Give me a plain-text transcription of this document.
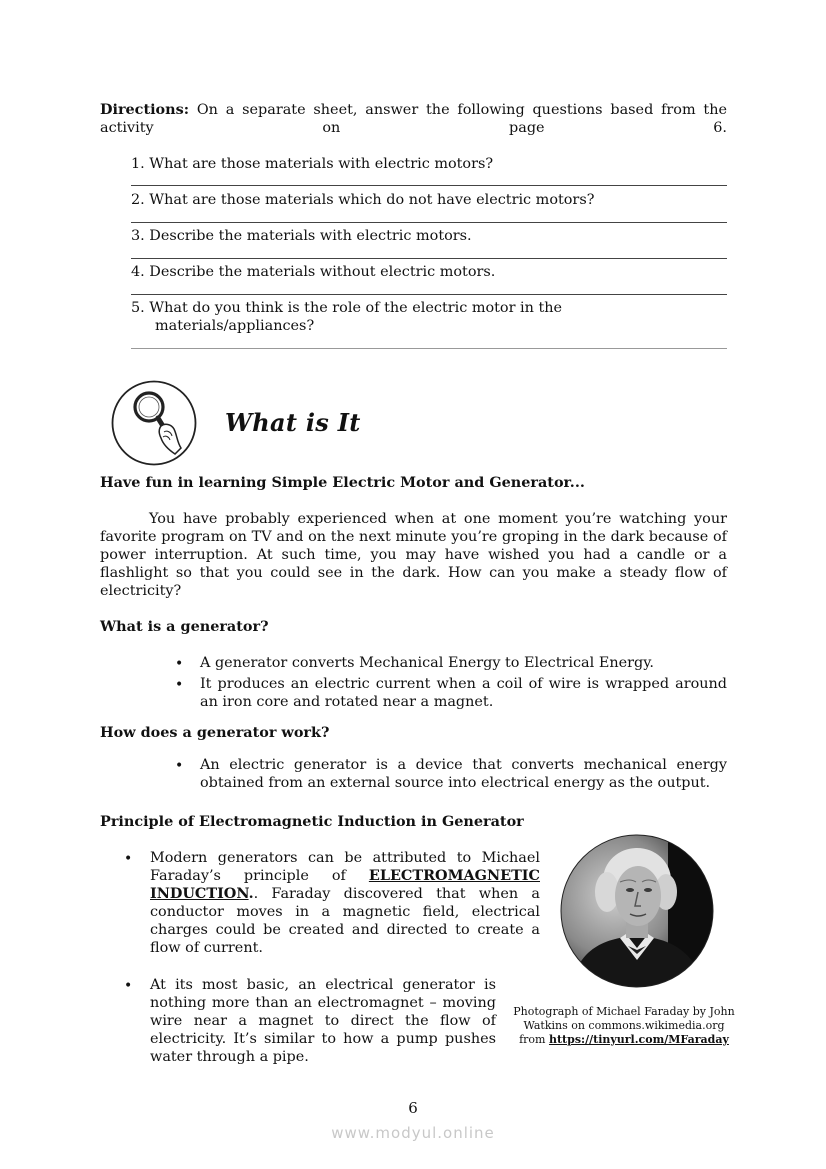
Directions: On a separate sheet, answer the following questions based from the activity on page 6.
1. What are those materials with electric motors?
2. What are those materials which do not have electric motors?
3. Describe the materials with electric motors.
4. Describe the materials without electric motors.
5. What do you think is the role of the electric motor in the
materials/appliances?
What is It
Have fun in learning Simple Electric Motor and Generator...
You have probably experienced when at one moment you’re watching your favorite program on TV and on the next minute you’re groping in the dark because of power interruption. At such time, you may have wished you had a candle or a flashlight so that you could see in the dark. How can you make a steady flow of electricity?
What is a generator?
• A generator converts Mechanical Energy to Electrical Energy.
• It produces an electric current when a coil of wire is wrapped around an iron core and rotated near a magnet.
How does a generator work?
• An electric generator is a device that converts mechanical energy obtained from an external source into electrical energy as the output.
Principle of Electromagnetic Induction in Generator
• Modern generators can be attributed to Michael Faraday’s principle of ELECTROMAGNETIC INDUCTION.. Faraday discovered that when a conductor moves in a magnetic field, electrical charges could be created and directed to create a flow of current.
• At its most basic, an electrical generator is nothing more than an electromagnet – moving wire near a magnet to direct the flow of electricity. It’s similar to how a pump pushes water through a pipe.
Photograph of Michael Faraday by John
Watkins on commons.wikimedia.org
from https://tinyurl.com/MFaraday
6
www.modyul.online
